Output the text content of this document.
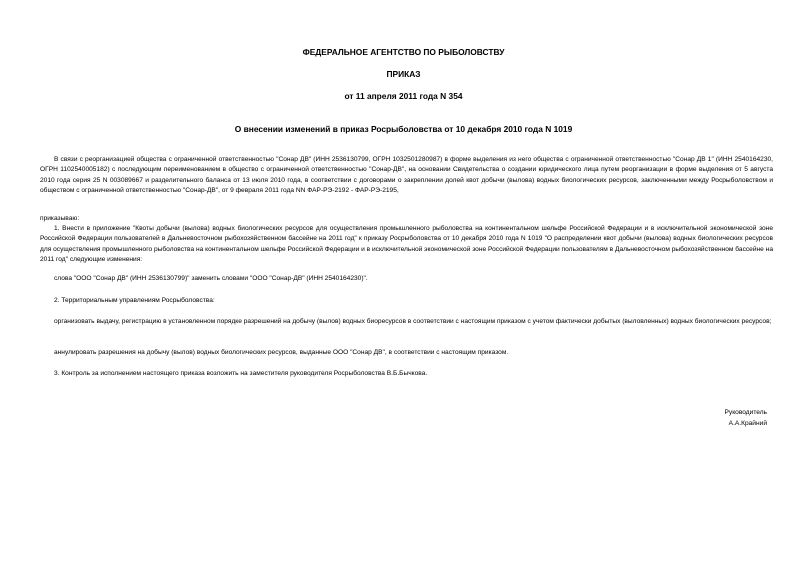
ФЕДЕРАЛЬНОЕ АГЕНТСТВО ПО РЫБОЛОВСТВУ
ПРИКАЗ
от 11 апреля 2011 года N 354
О внесении изменений в приказ Росрыболовства от 10 декабря 2010 года N 1019

В связи с реорганизацией общества с ограниченной ответственностью "Сонар ДВ" (ИНН 2536130799, ОГРН 1032501280987) в форме выделения из него общества с ограниченной ответственностью "Сонар ДВ 1" (ИНН 2540164230, ОГРН 1102540005182) с последующим переименованием в общество с ограниченной ответственностью "Сонар-ДВ", на основании Свидетельства о создании юридического лица путем реорганизации в форме выделения от 5 августа 2010 года серия 25 N 003089667 и разделительного баланса от 13 июля 2010 года, в соответствии с договорами о закреплении долей квот добычи (вылова) водных биологических ресурсов, заключенными между Росрыболовством и обществом с ограниченной ответственностью "Сонар-ДВ", от 9 февраля 2011 года NN ФАР-РЭ-2192 - ФАР-РЭ-2195,

приказываю:

1. Внести в приложение "Квоты добычи (вылова) водных биологических ресурсов для осуществления промышленного рыболовства на континентальном шельфе Российской Федерации и в исключительной экономической зоне Российской Федерации пользователей в Дальневосточном рыбохозяйственном бассейне на 2011 год" к приказу Росрыболовства от 10 декабря 2010 года N 1019 "О распределении квот добычи (вылова) водных биологических ресурсов для осуществления промышленного рыболовства на континентальном шельфе Российской Федерации и в исключительной экономической зоне Российской Федерации пользователям в Дальневосточном рыбохозяйственном бассейне на 2011 год" следующие изменения:

слова "ООО "Сонар ДВ" (ИНН 2536130799)" заменить словами "ООО "Сонар-ДВ" (ИНН 2540164230)".

2. Территориальным управлениям Росрыболовства:

организовать выдачу, регистрацию в установленном порядке разрешений на добычу (вылов) водных биоресурсов в соответствии с настоящим приказом с учетом фактически добытых (выловленных) водных биологических ресурсов;

аннулировать разрешения на добычу (вылов) водных биологических ресурсов, выданные ООО "Сонар ДВ", в соответствии с настоящим приказом.

3. Контроль за исполнением настоящего приказа возложить на заместителя руководителя Росрыболовства В.Б.Бычкова.

Руководитель
А.А.Крайний
